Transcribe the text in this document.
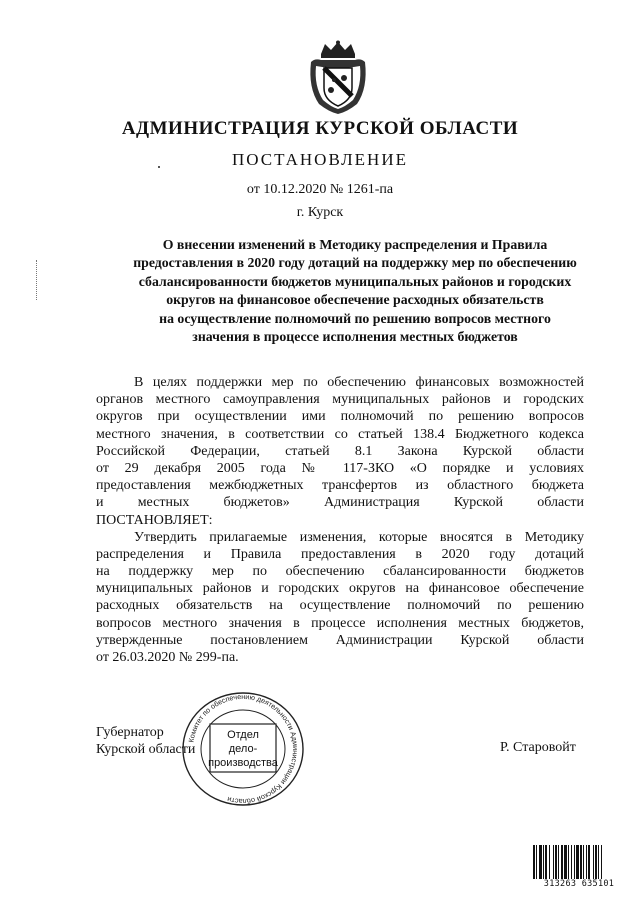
АДМИНИСТРАЦИЯ КУРСКОЙ ОБЛАСТИ
ПОСТАНОВЛЕНИЕ
от 10.12.2020 № 1261-па
г. Курск
О внесении изменений в Методику распределения и Правила
предоставления в 2020 году дотаций на поддержку мер по обеспечению
сбалансированности бюджетов муниципальных районов и городских
округов на финансовое обеспечение расходных обязательств
на осуществление полномочий по решению вопросов местного
значения в процессе исполнения местных бюджетов
В целях поддержки мер по обеспечению финансовых возможностей
органов местного самоуправления муниципальных районов и городских
округов при осуществлении ими полномочий по решению вопросов
местного значения, в соответствии со статьей 138.4 Бюджетного кодекса
Российской Федерации, статьей 8.1 Закона Курской области
от 29 декабря 2005 года № 117-ЗКО «О порядке и условиях
предоставления межбюджетных трансфертов из областного бюджета
и местных бюджетов» Администрация Курской области
ПОСТАНОВЛЯЕТ:
Утвердить прилагаемые изменения, которые вносятся в Методику
распределения и Правила предоставления в 2020 году дотаций
на поддержку мер по обеспечению сбалансированности бюджетов
муниципальных районов и городских округов на финансовое обеспечение
расходных обязательств на осуществление полномочий по решению
вопросов местного значения в процессе исполнения местных бюджетов,
утвержденные постановлением Администрации Курской области
от 26.03.2020 № 299-па.
Губернатор
Курской области
Комитет по обеспечению деятельности Администрации Курской области
Отдел
дело-
производства
Р. Старовойт
313263 635101
